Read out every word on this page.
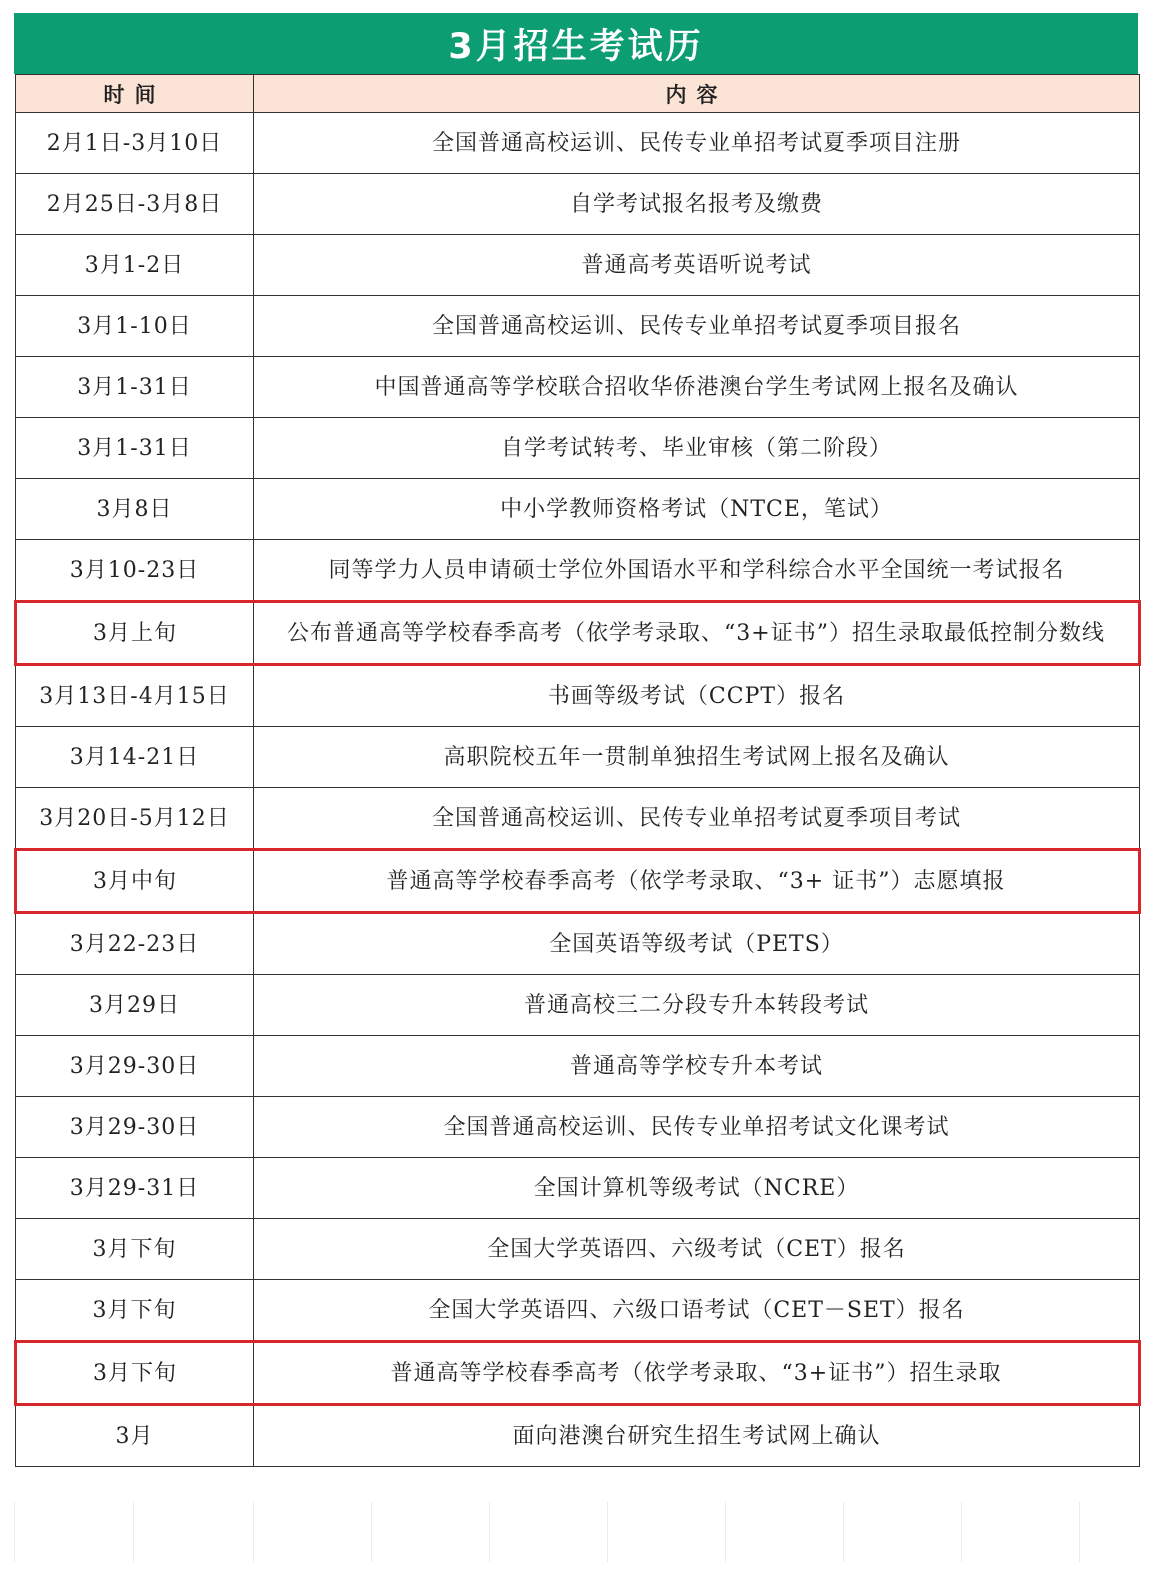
3月招生考试历
时间	内容
2月1日-3月10日	全国普通高校运训、民传专业单招考试夏季项目注册
2月25日-3月8日	自学考试报名报考及缴费
3月1-2日	普通高考英语听说考试
3月1-10日	全国普通高校运训、民传专业单招考试夏季项目报名
3月1-31日	中国普通高等学校联合招收华侨港澳台学生考试网上报名及确认
3月1-31日	自学考试转考、毕业审核（第二阶段）
3月8日	中小学教师资格考试（NTCE，笔试）
3月10-23日	同等学力人员申请硕士学位外国语水平和学科综合水平全国统一考试报名
3月上旬	公布普通高等学校春季高考（依学考录取、“3+证书”）招生录取最低控制分数线
3月13日-4月15日	书画等级考试（CCPT）报名
3月14-21日	高职院校五年一贯制单独招生考试网上报名及确认
3月20日-5月12日	全国普通高校运训、民传专业单招考试夏季项目考试
3月中旬	普通高等学校春季高考（依学考录取、“3+ 证书”）志愿填报
3月22-23日	全国英语等级考试（PETS）
3月29日	普通高校三二分段专升本转段考试
3月29-30日	普通高等学校专升本考试
3月29-30日	全国普通高校运训、民传专业单招考试文化课考试
3月29-31日	全国计算机等级考试（NCRE）
3月下旬	全国大学英语四、六级考试（CET）报名
3月下旬	全国大学英语四、六级口语考试（CET－SET）报名
3月下旬	普通高等学校春季高考（依学考录取、“3+证书”）招生录取
3月	面向港澳台研究生招生考试网上确认
